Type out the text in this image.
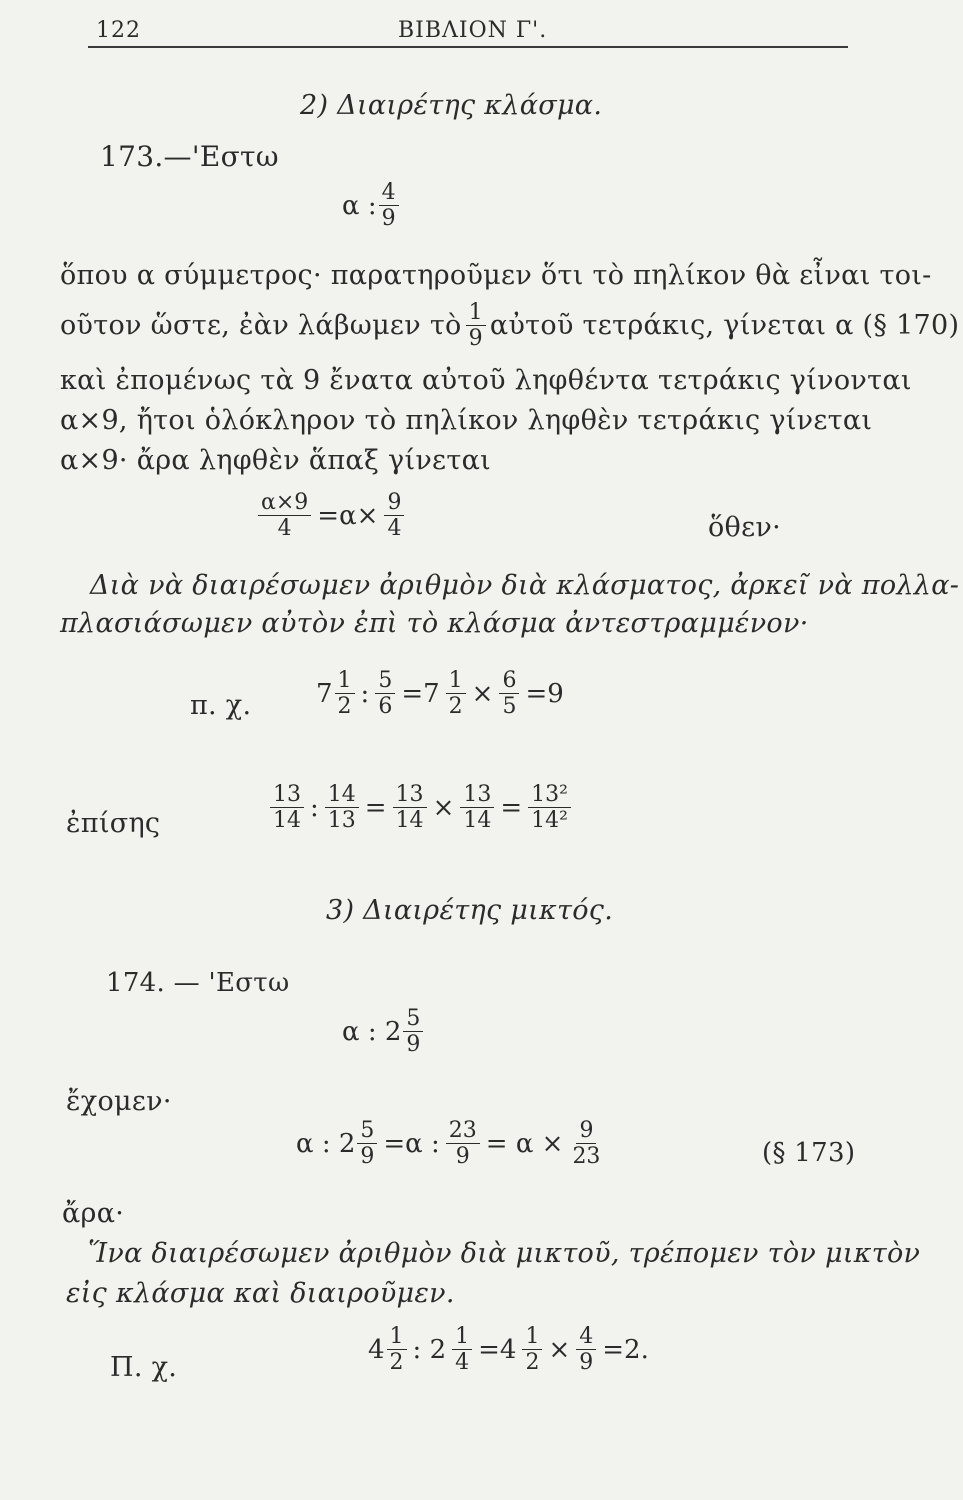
122	ΒΙΒΛΙΟΝ Γ'.
2) Διαιρέτης κλάσμα.
173.—'Εστω
α : $\frac{4}{9}$
ὅπου α σύμμετρος· παρατηροῦμεν ὅτι τὸ πηλίκον θὰ εἶναι τοι-
οῦτον ὥστε, ἐὰν λάβωμεν τὸ $\frac{1}{9}$ αὐτοῦ τετράκις, γίνεται α (§ 170)
καὶ ἐπομένως τὰ 9 ἔνατα αὐτοῦ ληφθέντα τετράκις γίνονται
α×9, ἤτοι ὁλόκληρον τὸ πηλίκον ληφθὲν τετράκις γίνεται
α×9· ἄρα ληφθὲν ἅπαξ γίνεται
$\frac{\alpha\times 9}{4} =\alpha\times \frac{9}{4}$	ὅθεν·
Διὰ νὰ διαιρέσωμεν ἀριθμὸν διὰ κλάσματος, ἀρκεῖ νὰ πολλα-
πλασιάσωμεν αὐτὸν ἐπὶ τὸ κλάσμα ἀντεστραμμένον·
π. χ. 7 1
2 : $\frac{5}{6} =7 \frac{1}{2} \times \frac{6}{5} =9$
ἐπίσης
13
14 : $\frac{14}{13} = \frac{13}{14} \times \frac{13}{14} = \frac{\text{13²}}{\text{14²}}$
3) Διαιρέτης μικτός.
174. — 'Εστω
α : $2 \frac{5}{9}$
ἔχομεν·
α : $2 \frac{5}{9} =\alpha$ : $\frac{23}{9} = \alpha \times \frac{9}{23}$	(§ 173)
ἄρα·
Ἵνα διαιρέσωμεν ἀριθμὸν διὰ μικτοῦ, τρέπομεν τὸν μικτὸν
εἰς κλάσμα καὶ διαιροῦμεν.
Π. χ.
4 1
2 : $2 \frac{1}{4} =4 \frac{1}{2} \times \frac{4}{9} =2$.
